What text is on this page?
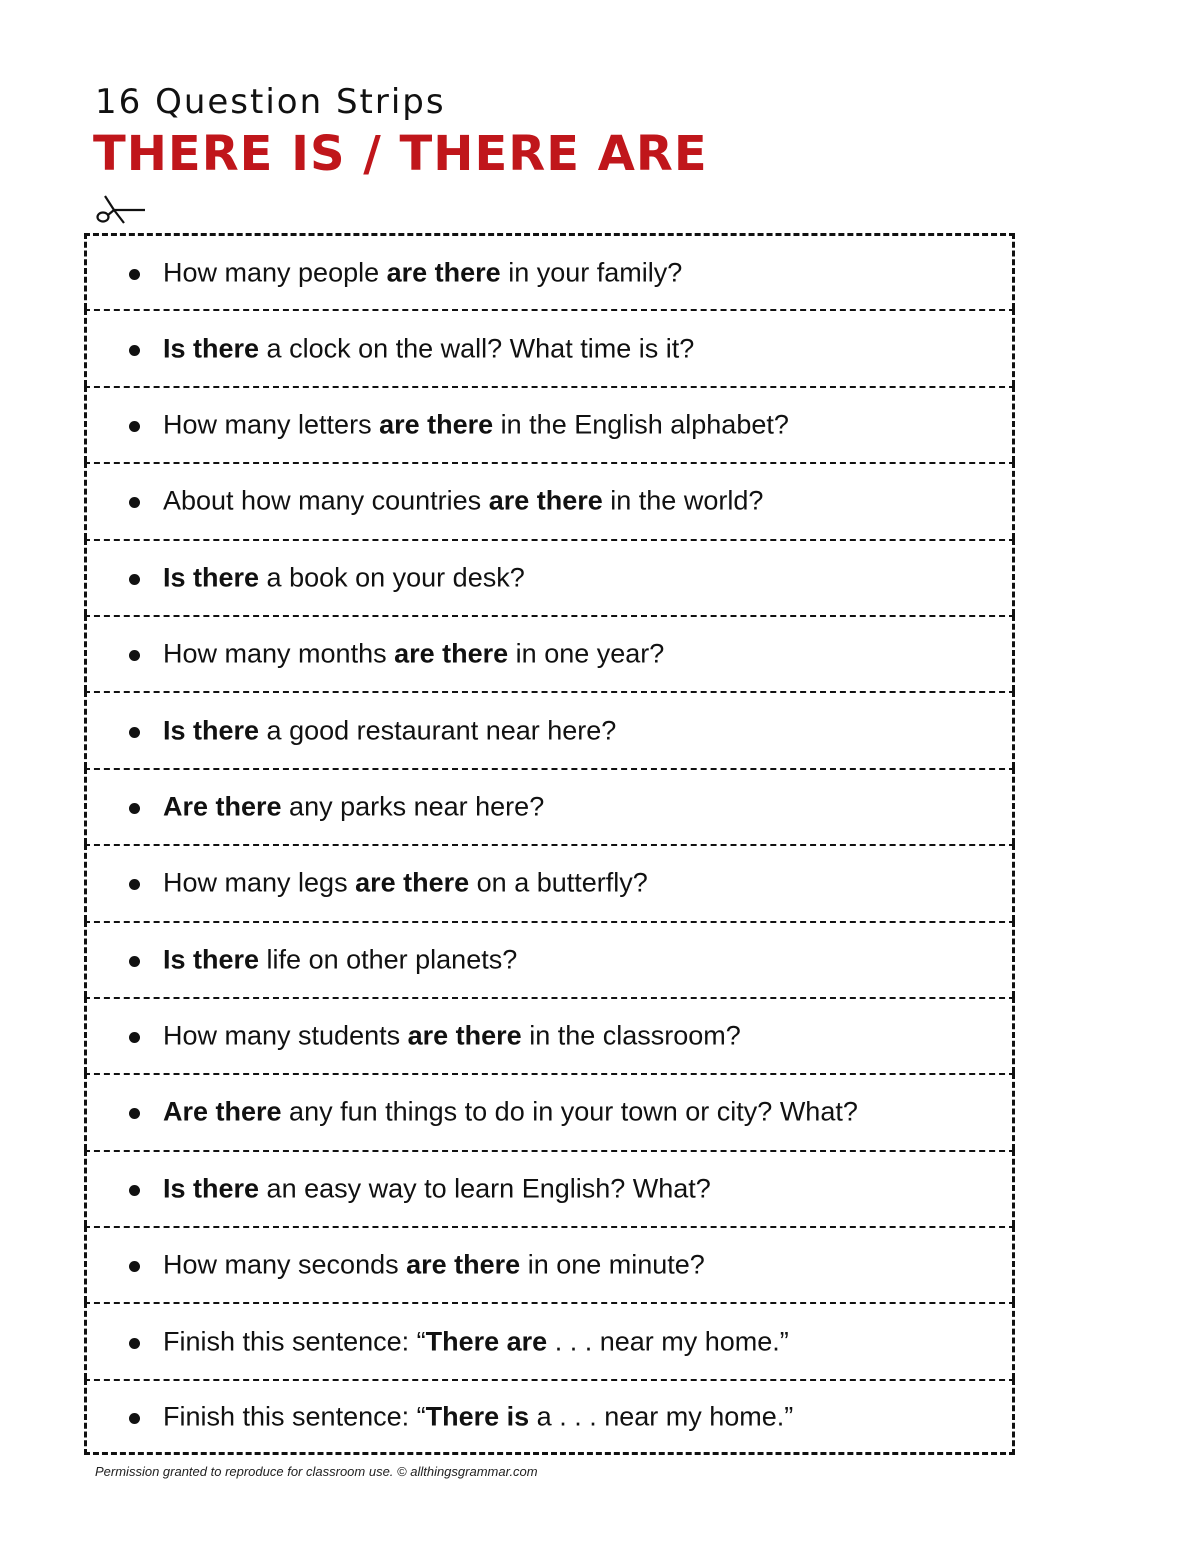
16 Question Strips
THERE IS / THERE ARE
How many people are there in your family?
Is there a clock on the wall? What time is it?
How many letters are there in the English alphabet?
About how many countries are there in the world?
Is there a book on your desk?
How many months are there in one year?
Is there a good restaurant near here?
Are there any parks near here?
How many legs are there on a butterfly?
Is there life on other planets?
How many students are there in the classroom?
Are there any fun things to do in your town or city? What?
Is there an easy way to learn English? What?
How many seconds are there in one minute?
Finish this sentence: “There are . . . near my home.”
Finish this sentence: “There is a . . . near my home.”
Permission granted to reproduce for classroom use. © allthingsgrammar.com
